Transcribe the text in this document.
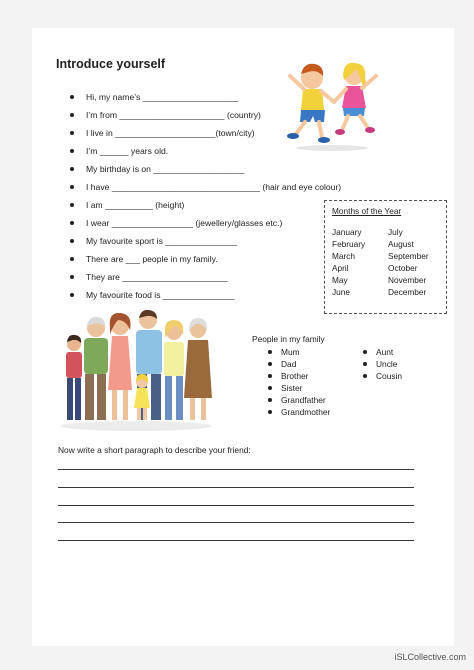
Introduce yourself
Hi, my name’s ____________________
I’m from ______________________ (country)
I live in _____________________(town/city)
I’m ______ years old.
My birthday is on ___________________
I have _______________________________ (hair and eye colour)
I am __________ (height)
I wear _________________ (jewellery/glasses etc.)
My favourite sport is _______________
There are ___ people in my family.
They are ______________________
My favourite food is _______________
Months of the Year
January	July
February	August
March	September
April	October
May	November
June	December
People in my family
Mum
Dad
Brother
Sister
Grandfather
Grandmother
Aunt
Uncle
Cousin
Now write a short paragraph to describe your friend:
iSLCollective.com
